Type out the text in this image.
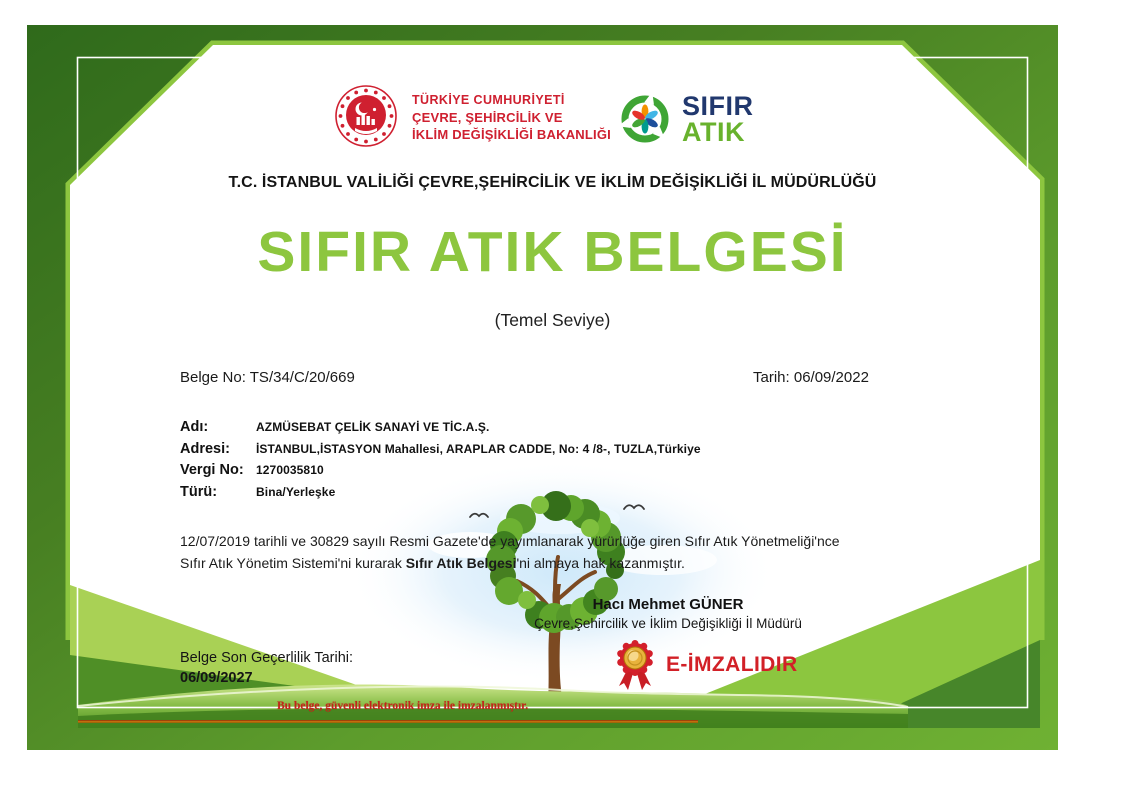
TÜRKİYE CUMHURİYETİ
ÇEVRE, ŞEHİRCİLİK VE
İKLİM DEĞİŞİKLİĞİ BAKANLIĞI
SIFIR
ATIK
T.C. İSTANBUL VALİLİĞİ ÇEVRE,ŞEHİRCİLİK VE İKLİM DEĞİŞİKLİĞİ İL MÜDÜRLÜĞÜ
SIFIR ATIK BELGESİ
(Temel Seviye)
Belge No: TS/34/C/20/669	Tarih: 06/09/2022
Adı:	AZMÜSEBAT ÇELİK SANAYİ VE TİC.A.Ş.
Adresi:	İSTANBUL,İSTASYON Mahallesi, ARAPLAR CADDE, No: 4 /8-, TUZLA,Türkiye
Vergi No:	1270035810
Türü:	Bina/Yerleşke
12/07/2019 tarihli ve 30829 sayılı Resmi Gazete'de yayımlanarak yürürlüğe giren Sıfır Atık Yönetmeliği'nce Sıfır Atık Yönetim Sistemi'ni kurarak Sıfır Atık Belgesi'ni almaya hak kazanmıştır.
Hacı Mehmet GÜNER
Çevre,Şehircilik ve İklim Değişikliği İl Müdürü
Belge Son Geçerlilik Tarihi:
06/09/2027
E-İMZALIDIR
Bu belge, güvenli elektronik imza ile imzalanmıştır.
